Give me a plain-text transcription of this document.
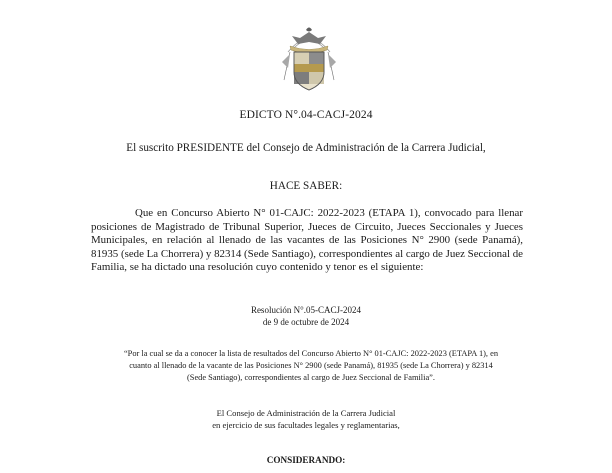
EDICTO N°.04-CACJ-2024
El suscrito PRESIDENTE del Consejo de Administración de la Carrera Judicial,
HACE SABER:
Que en Concurso Abierto N° 01-CAJC: 2022-2023 (ETAPA 1), convocado para llenar posiciones de Magistrado de Tribunal Superior, Jueces de Circuito, Jueces Seccionales y Jueces Municipales, en relación al llenado de las vacantes de las Posiciones N° 2900 (sede Panamá), 81935 (sede La Chorrera) y 82314 (Sede Santiago), correspondientes al cargo de Juez Seccional de Familia, se ha dictado una resolución cuyo contenido y tenor es el siguiente:
Resolución N°.05-CACJ-2024
de 9 de octubre de 2024
“Por la cual se da a conocer la lista de resultados del Concurso Abierto N° 01-CAJC: 2022-2023 (ETAPA 1), en
cuanto al llenado de la vacante de las Posiciones N° 2900 (sede Panamá), 81935 (sede La Chorrera) y 82314
(Sede Santiago), correspondientes al cargo de Juez Seccional de Familia”.
El Consejo de Administración de la Carrera Judicial
en ejercicio de sus facultades legales y reglamentarias,
CONSIDERANDO:
